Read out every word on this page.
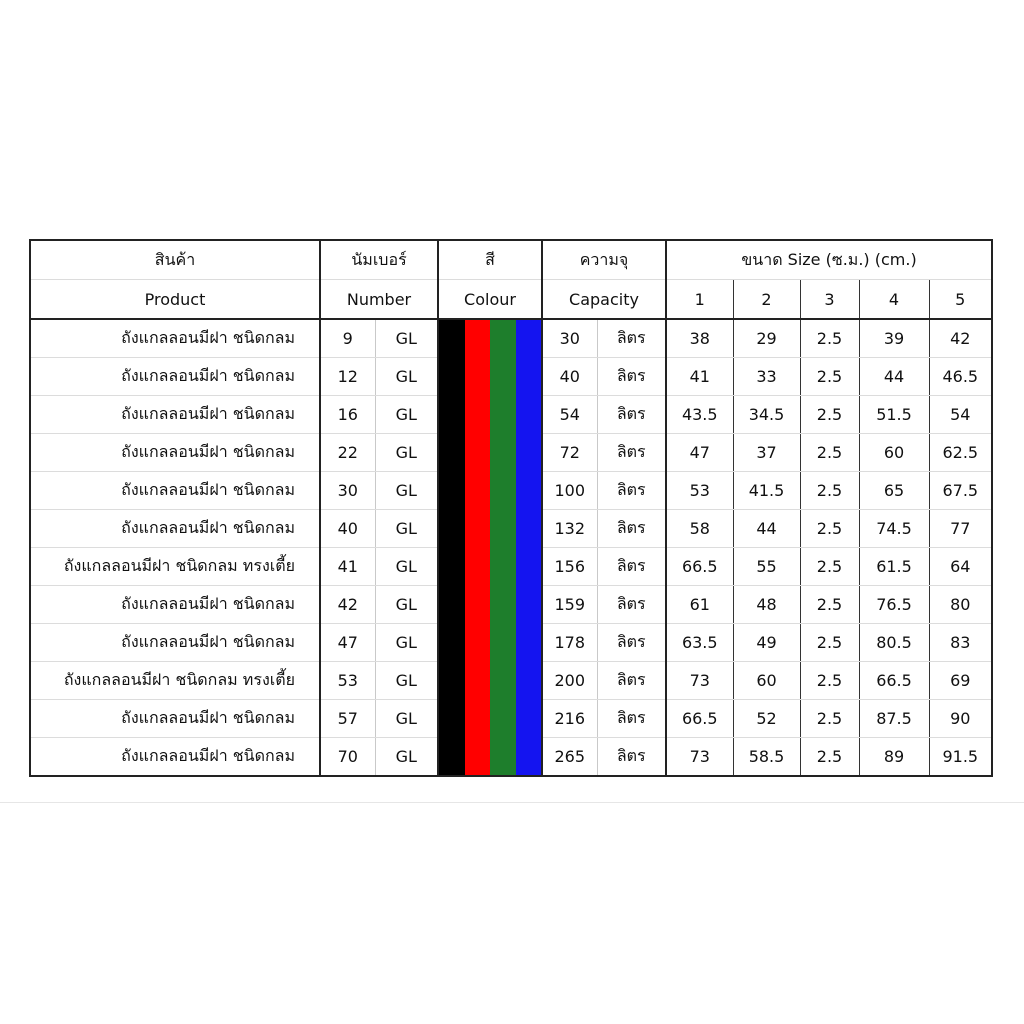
สินค้า	นัมเบอร์		สี	ความจุ		ขนาด Size (ซ.ม.) (cm.)				
Product	Number		Colour	Capacity		1	2	3	4	5
ถังแกลลอนมีฝา ชนิดกลม	9	GL		30	ลิตร	38	29	2.5	39	42
ถังแกลลอนมีฝา ชนิดกลม	12	GL		40	ลิตร	41	33	2.5	44	46.5
ถังแกลลอนมีฝา ชนิดกลม	16	GL		54	ลิตร	43.5	34.5	2.5	51.5	54
ถังแกลลอนมีฝา ชนิดกลม	22	GL		72	ลิตร	47	37	2.5	60	62.5
ถังแกลลอนมีฝา ชนิดกลม	30	GL		100	ลิตร	53	41.5	2.5	65	67.5
ถังแกลลอนมีฝา ชนิดกลม	40	GL		132	ลิตร	58	44	2.5	74.5	77
ถังแกลลอนมีฝา ชนิดกลม ทรงเตี้ย	41	GL		156	ลิตร	66.5	55	2.5	61.5	64
ถังแกลลอนมีฝา ชนิดกลม	42	GL		159	ลิตร	61	48	2.5	76.5	80
ถังแกลลอนมีฝา ชนิดกลม	47	GL		178	ลิตร	63.5	49	2.5	80.5	83
ถังแกลลอนมีฝา ชนิดกลม ทรงเตี้ย	53	GL		200	ลิตร	73	60	2.5	66.5	69
ถังแกลลอนมีฝา ชนิดกลม	57	GL		216	ลิตร	66.5	52	2.5	87.5	90
ถังแกลลอนมีฝา ชนิดกลม	70	GL		265	ลิตร	73	58.5	2.5	89	91.5
